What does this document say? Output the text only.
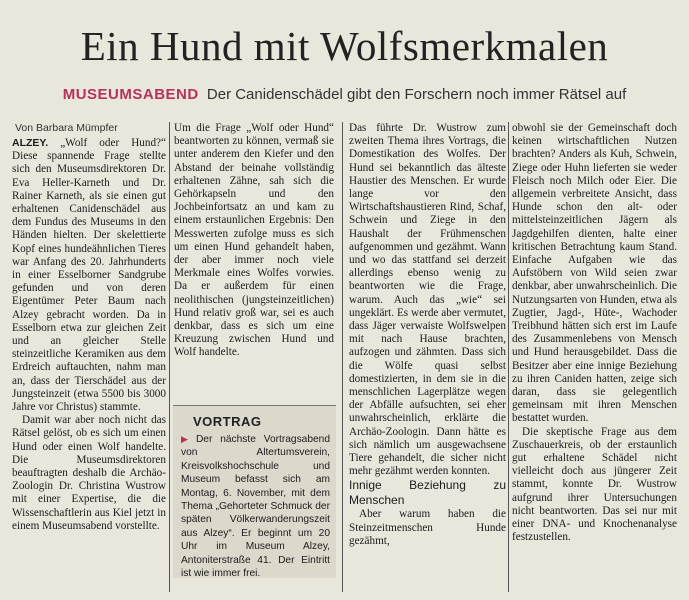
Ein Hund mit Wolfsmerkmalen
MUSEUMSABEND Der Canidenschädel gibt den Forschern noch immer Rätsel auf
Von Barbara Mümpfer

ALZEY. „Wolf oder Hund?“ Diese spannende Frage stellte sich den Museumsdirektoren Dr. Eva Heller-Karneth und Dr. Rainer Karneth, als sie einen gut erhaltenen Canidenschädel aus dem Fundus des Museums in den Händen hielten. Der skelettierte Kopf eines hundeähnlichen Tieres war Anfang des 20. Jahrhunderts in einer Esselborner Sandgrube gefunden und von deren Eigentümer Peter Baum nach Alzey gebracht worden. Da in Esselborn etwa zur gleichen Zeit und an gleicher Stelle steinzeitliche Keramiken aus dem Erdreich auftauchten, nahm man an, dass der Tierschädel aus der Jungsteinzeit (etwa 5500 bis 3000 Jahre vor Christus) stammte.

Damit war aber noch nicht das Rätsel gelöst, ob es sich um einen Hund oder einen Wolf handelte. Die Museumsdirektoren beauftragten deshalb die Archäo-Zoologin Dr. Christina Wustrow mit einer Expertise, die die Wissenschaftlerin aus Kiel jetzt in einem Museumsabend vorstellte.

Um die Frage „Wolf oder Hund“ beantworten zu können, vermaß sie unter anderem den Kiefer und den Abstand der beinahe vollständig erhaltenen Zähne, sah sich die Gehörkapseln und den Jochbeinfortsatz an und kam zu einem erstaunlichen Ergebnis: Den Messwerten zufolge muss es sich um einen Hund gehandelt haben, der aber immer noch viele Merkmale eines Wolfes vorwies. Da er außerdem für einen neolithischen (jungsteinzeitlichen) Hund relativ groß war, sei es auch denkbar, dass es sich um eine Kreuzung zwischen Hund und Wolf handelte.

VORTRAG
▶ Der nächste Vortragsabend von Altertumsverein, Kreisvolkshochschule und Museum befasst sich am Montag, 6. November, mit dem Thema „Gehorteter Schmuck der späten Völkerwanderungszeit aus Alzey“. Er beginnt um 20 Uhr im Museum Alzey, Antoniterstraße 41. Der Eintritt ist wie immer frei.

Das führte Dr. Wustrow zum zweiten Thema ihres Vortrags, die Domestikation des Wolfes. Der Hund sei bekanntlich das älteste Haustier des Menschen. Er wurde lange vor den Wirtschaftshaustieren Rind, Schaf, Schwein und Ziege in den Haushalt der Frühmenschen aufgenommen und gezähmt. Wann und wo das stattfand sei derzeit allerdings ebenso wenig zu beantworten wie die Frage, warum. Auch das „wie“ sei ungeklärt. Es werde aber vermutet, dass Jäger verwaiste Wolfswelpen mit nach Hause brachten, aufzogen und zähmten. Dass sich die Wölfe quasi selbst domestizierten, in dem sie in die menschlichen Lagerplätze wegen der Abfälle aufsuchten, sei eher unwahrscheinlich, erklärte die Archäo-Zoologin. Dann hätte es sich nämlich um ausgewachsene Tiere gehandelt, die sicher nicht mehr gezähmt werden konnten.

Innige Beziehung zu Menschen

Aber warum haben die Steinzeitmenschen Hunde gezähmt,

obwohl sie der Gemeinschaft doch keinen wirtschaftlichen Nutzen brachten? Anders als Kuh, Schwein, Ziege oder Huhn lieferten sie weder Fleisch noch Milch oder Eier. Die allgemein verbreitete Ansicht, dass Hunde schon den alt- oder mittelsteinzeitlichen Jägern als Jagdgehilfen dienten, halte einer kritischen Betrachtung kaum Stand. Einfache Aufgaben wie das Aufstöbern von Wild seien zwar denkbar, aber unwahrscheinlich. Die Nutzungsarten von Hunden, etwa als Zugtier, Jagd-, Hüte-, Wachoder Treibhund hätten sich erst im Laufe des Zusammenlebens von Mensch und Hund herausgebildet. Dass die Besitzer aber eine innige Beziehung zu ihren Caniden hatten, zeige sich daran, dass sie gelegentlich gemeinsam mit ihren Menschen bestattet wurden.

Die skeptische Frage aus dem Zuschauerkreis, ob der erstaunlich gut erhaltene Schädel nicht vielleicht doch aus jüngerer Zeit stammt, konnte Dr. Wustrow aufgrund ihrer Untersuchungen nicht beantworten. Das sei nur mit einer DNA- und Knochenanalyse festzustellen.
